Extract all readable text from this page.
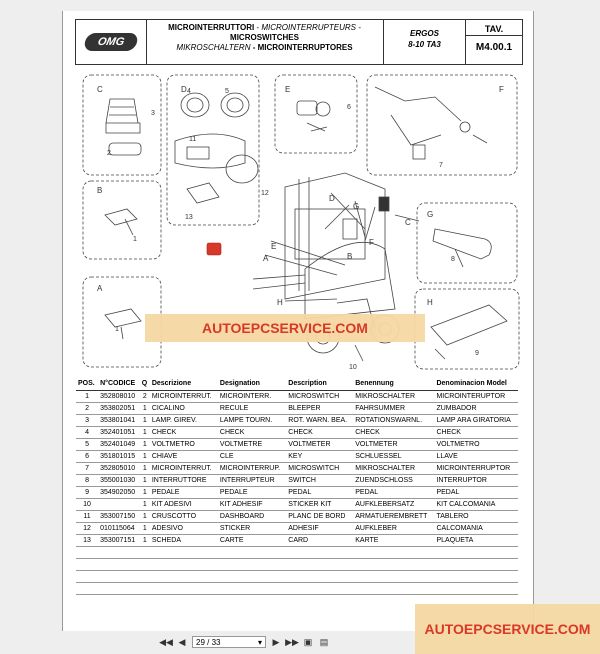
OMG
MICROINTERRUTTORI - MICROINTERRUPTEURS -
MICROSWITCHES
MIKROSCHALTERN - MICROINTERRUPTORES
ERGOS
8-10 TA3
TAV.
M4.00.1
C	D	E	F
B
G
A
H
D
G
E
A	B
F
H
C
2
3
4	5
6
7
8
9
10
11
12
13
1
1	AUTOEPCSERVICE.COM
POS.	N°CODICE	Q	Descrizione	Designation	Description	Benennung	Denominacion Model
1	352808010	2	MICROINTERRUT.	MICROINTERR.	MICROSWITCH	MIKROSCHALTER	MICROINTERUPTOR
2	353802051	1	CICALINO	RECULE	BLEEPER	FAHRSUMMER	ZUMBADOR
3	353801041	1	LAMP. GIREV.	LAMPE TOURN.	ROT. WARN. BEA.	ROTATIONSWARNL.	LAMP ARA GIRATORIA
4	352401051	1	CHECK	CHECK	CHECK	CHECK	CHECK
5	352401049	1	VOLTMETRO	VOLTMETRE	VOLTMETER	VOLTMETER	VOLTMETRO
6	351801015	1	CHIAVE	CLE	KEY	SCHLUESSEL	LLAVE
7	352805010	1	MICROINTERRUT.	MICROINTERRUP.	MICROSWITCH	MIKROSCHALTER	MICROINTERRUPTOR
8	355001030	1	INTERRUTTORE	INTERRUPTEUR	SWITCH	ZUENDSCHLOSS	INTERRUPTOR
9	354902050	1	PEDALE	PEDALE	PEDAL	PEDAL	PEDAL
10		1	KIT ADESIVI	KIT ADHESIF	STICKER KIT	AUFKLEBERSATZ	KIT CALCOMANIA
11	353007150	1	CRUSCOTTO	DASHBOARD	PLANC DE BORD	ARMATUEREMBRETT	TABLERO
12	010115064	1	ADESIVO	STICKER	ADHESIF	AUFKLEBER	CALCOMANIA
13	353007151	1	SCHEDA	CARTE	CARD	KARTE	PLAQUETA

AUTOEPCSERVICE.COM
◀◀ ◀	29 / 33	▾ ▶ ▶▶ ▣ ▤
